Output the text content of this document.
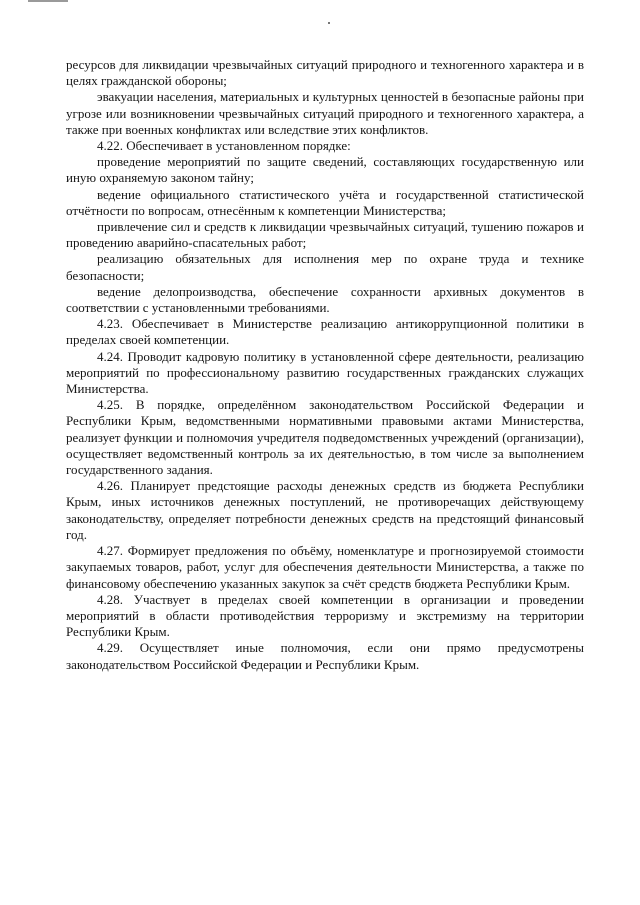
ресурсов для ликвидации чрезвычайных ситуаций природного и техногенного характера и в целях гражданской обороны;

эвакуации населения, материальных и культурных ценностей в безопасные районы при угрозе или возникновении чрезвычайных ситуаций природного и техногенного характера, а также при военных конфликтах или вследствие этих конфликтов.

4.22. Обеспечивает в установленном порядке:

проведение мероприятий по защите сведений, составляющих государственную или иную охраняемую законом тайну;

ведение официального статистического учёта и государственной статистической отчётности по вопросам, отнесённым к компетенции Министерства;

привлечение сил и средств к ликвидации чрезвычайных ситуаций, тушению пожаров и проведению аварийно-спасательных работ;

реализацию обязательных для исполнения мер по охране труда и технике безопасности;

ведение делопроизводства, обеспечение сохранности архивных документов в соответствии с установленными требованиями.

4.23. Обеспечивает в Министерстве реализацию антикоррупционной политики в пределах своей компетенции.

4.24. Проводит кадровую политику в установленной сфере деятельности, реализацию мероприятий по профессиональному развитию государственных гражданских служащих Министерства.

4.25. В порядке, определённом законодательством Российской Федерации и Республики Крым, ведомственными нормативными правовыми актами Министерства, реализует функции и полномочия учредителя подведомственных учреждений (организации), осуществляет ведомственный контроль за их деятельностью, в том числе за выполнением государственного задания.

4.26. Планирует предстоящие расходы денежных средств из бюджета Республики Крым, иных источников денежных поступлений, не противоречащих действующему законодательству, определяет потребности денежных средств на предстоящий финансовый год.

4.27. Формирует предложения по объёму, номенклатуре и прогнозируемой стоимости закупаемых товаров, работ, услуг для обеспечения деятельности Министерства, а также по финансовому обеспечению указанных закупок за счёт средств бюджета Республики Крым.

4.28. Участвует в пределах своей компетенции в организации и проведении мероприятий в области противодействия терроризму и экстремизму на территории Республики Крым.

4.29. Осуществляет иные полномочия, если они прямо предусмотрены законодательством Российской Федерации и Республики Крым.
